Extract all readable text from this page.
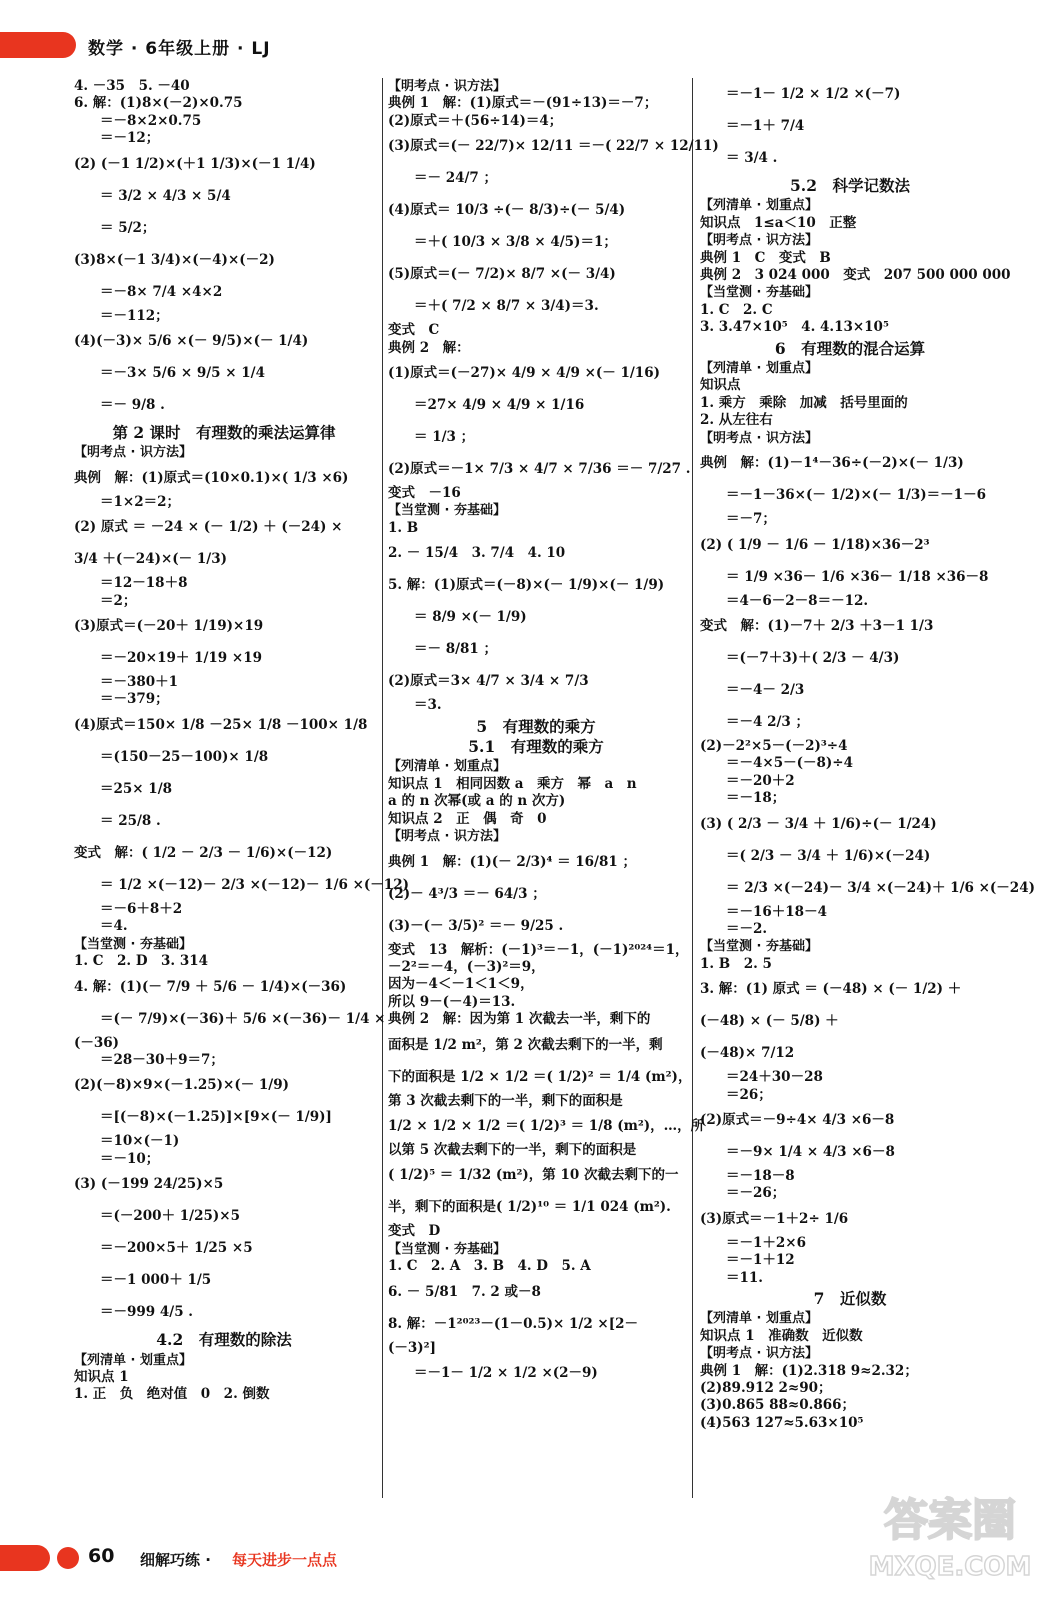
数学 · 6年级上册 · LJ
4. －35　5. －40
6. 解：(1)8×(－2)×0.75
＝－8×2×0.75
＝－12；
(2) (－1 1/2)×(＋1 1/3)×(－1 1/4)
＝ 3/2 × 4/3 × 5/4
＝ 5/2；
(3)8×(－1 3/4)×(－4)×(－2)
＝－8× 7/4 ×4×2
＝－112；
(4)(－3)× 5/6 ×(－ 9/5)×(－ 1/4)
＝－3× 5/6 × 9/5 × 1/4
＝－ 9/8 .
第 2 课时　有理数的乘法运算律
【明考点 · 识方法】
典例　解：(1)原式＝(10×0.1)×( 1/3 ×6)
＝1×2＝2；
(2) 原式 ＝ －24 × (－ 1/2) ＋ (－24) ×
3/4 ＋(－24)×(－ 1/3)
＝12－18＋8
＝2；
(3)原式＝(－20＋ 1/19)×19
＝－20×19＋ 1/19 ×19
＝－380＋1
＝－379；
(4)原式＝150× 1/8 －25× 1/8 －100× 1/8
＝(150－25－100)× 1/8
＝25× 1/8
＝ 25/8 .
变式　解：( 1/2 － 2/3 － 1/6)×(－12)
＝ 1/2 ×(－12)－ 2/3 ×(－12)－ 1/6 ×(－12)
＝－6＋8＋2
＝4.
【当堂测 · 夯基础】
1. C　2. D　3. 314
4. 解：(1)(－ 7/9 ＋ 5/6 － 1/4)×(－36)
＝(－ 7/9)×(－36)＋ 5/6 ×(－36)－ 1/4 ×
(－36)
＝28－30＋9＝7；
(2)(－8)×9×(－1.25)×(－ 1/9)
＝[(－8)×(－1.25)]×[9×(－ 1/9)]
＝10×(－1)
＝－10；
(3) (－199 24/25)×5
＝(－200＋ 1/25)×5
＝－200×5＋ 1/25 ×5
＝－1 000＋ 1/5
＝－999 4/5 .
4.2　有理数的除法
【列清单 · 划重点】
知识点 1
1. 正　负　绝对值　0　2. 倒数
【明考点 · 识方法】
典例 1　解：(1)原式＝－(91÷13)＝－7；
(2)原式＝＋(56÷14)＝4；
(3)原式＝(－ 22/7)× 12/11 ＝－( 22/7 × 12/11)
＝－ 24/7 ；
(4)原式＝ 10/3 ÷(－ 8/3)÷(－ 5/4)
＝＋( 10/3 × 3/8 × 4/5)＝1；
(5)原式＝(－ 7/2)× 8/7 ×(－ 3/4)
＝＋( 7/2 × 8/7 × 3/4)＝3.
变式　C
典例 2　解：
(1)原式＝(－27)× 4/9 × 4/9 ×(－ 1/16)
＝27× 4/9 × 4/9 × 1/16
＝ 1/3 ；
(2)原式＝－1× 7/3 × 4/7 × 7/36 ＝－ 7/27 .
变式　－16
【当堂测 · 夯基础】
1. B
2. － 15/4　3. 7/4　4. 10
5. 解：(1)原式＝(－8)×(－ 1/9)×(－ 1/9)
＝ 8/9 ×(－ 1/9)
＝－ 8/81 ；
(2)原式＝3× 4/7 × 3/4 × 7/3
＝3.
5　有理数的乘方
5.1　有理数的乘方
【列清单 · 划重点】
知识点 1　相同因数 a　乘方　幂　a　n
a 的 n 次幂(或 a 的 n 次方)
知识点 2　正　偶　奇　0
【明考点 · 识方法】
典例 1　解：(1)(－ 2/3)⁴ ＝ 16/81 ；
(2)－ 4³/3 ＝－ 64/3 ；
(3)－(－ 3/5)² ＝－ 9/25 .
变式　13　解析：(－1)³＝－1，(－1)²⁰²⁴＝1，
－2²＝－4，(－3)²＝9，
因为－4＜－1＜1＜9，
所以 9－(－4)＝13.
典例 2　解：因为第 1 次截去一半，剩下的
面积是 1/2 m²，第 2 次截去剩下的一半，剩
下的面积是 1/2 × 1/2 ＝( 1/2)² ＝ 1/4 (m²)，
第 3 次截去剩下的一半，剩下的面积是
1/2 × 1/2 × 1/2 ＝( 1/2)³ ＝ 1/8 (m²)，…，所
以第 5 次截去剩下的一半，剩下的面积是
( 1/2)⁵ ＝ 1/32 (m²)，第 10 次截去剩下的一
半，剩下的面积是( 1/2)¹⁰ ＝ 1/1 024 (m²).
变式　D
【当堂测 · 夯基础】
1. C　2. A　3. B　4. D　5. A
6. － 5/81　7. 2 或－8
8. 解：－1²⁰²³－(1－0.5)× 1/2 ×[2－
(－3)²]
＝－1－ 1/2 × 1/2 ×(2－9)
＝－1－ 1/2 × 1/2 ×(－7)
＝－1＋ 7/4
＝ 3/4 .
5.2　科学记数法
【列清单 · 划重点】
知识点　1≤a＜10　正整
【明考点 · 识方法】
典例 1　C　变式　B
典例 2　3 024 000　变式　207 500 000 000
【当堂测 · 夯基础】
1. C　2. C
3. 3.47×10⁵　4. 4.13×10⁵
6　有理数的混合运算
【列清单 · 划重点】
知识点
1. 乘方　乘除　加减　括号里面的
2. 从左往右
【明考点 · 识方法】
典例　解：(1)－1⁴－36÷(－2)×(－ 1/3)
＝－1－36×(－ 1/2)×(－ 1/3)＝－1－6
＝－7；
(2) ( 1/9 － 1/6 － 1/18)×36－2³
＝ 1/9 ×36－ 1/6 ×36－ 1/18 ×36－8
＝4－6－2－8＝－12.
变式　解：(1)－7＋ 2/3 ＋3－1 1/3
＝(－7＋3)＋( 2/3 － 4/3)
＝－4－ 2/3
＝－4 2/3 ；
(2)－2²×5－(－2)³÷4
＝－4×5－(－8)÷4
＝－20＋2
＝－18；
(3) ( 2/3 － 3/4 ＋ 1/6)÷(－ 1/24)
＝( 2/3 － 3/4 ＋ 1/6)×(－24)
＝ 2/3 ×(－24)－ 3/4 ×(－24)＋ 1/6 ×(－24)
＝－16＋18－4
＝－2.
【当堂测 · 夯基础】
1. B　2. 5
3. 解：(1) 原式 ＝ (－48) × (－ 1/2) ＋
(－48) × (－ 5/8) ＋
(－48)× 7/12
＝24＋30－28
＝26；
(2)原式＝－9÷4× 4/3 ×6－8
＝－9× 1/4 × 4/3 ×6－8
＝－18－8
＝－26；
(3)原式＝－1＋2÷ 1/6
＝－1＋2×6
＝－1＋12
＝11.
7　近似数
【列清单 · 划重点】
知识点 1　准确数　近似数
【明考点 · 识方法】
典例 1　解：(1)2.318 9≈2.32；
(2)89.912 2≈90；
(3)0.865 88≈0.866；
(4)563 127≈5.63×10⁵
60 细解巧练 · 每天进步一点点
答案圈
MXQE.COM
